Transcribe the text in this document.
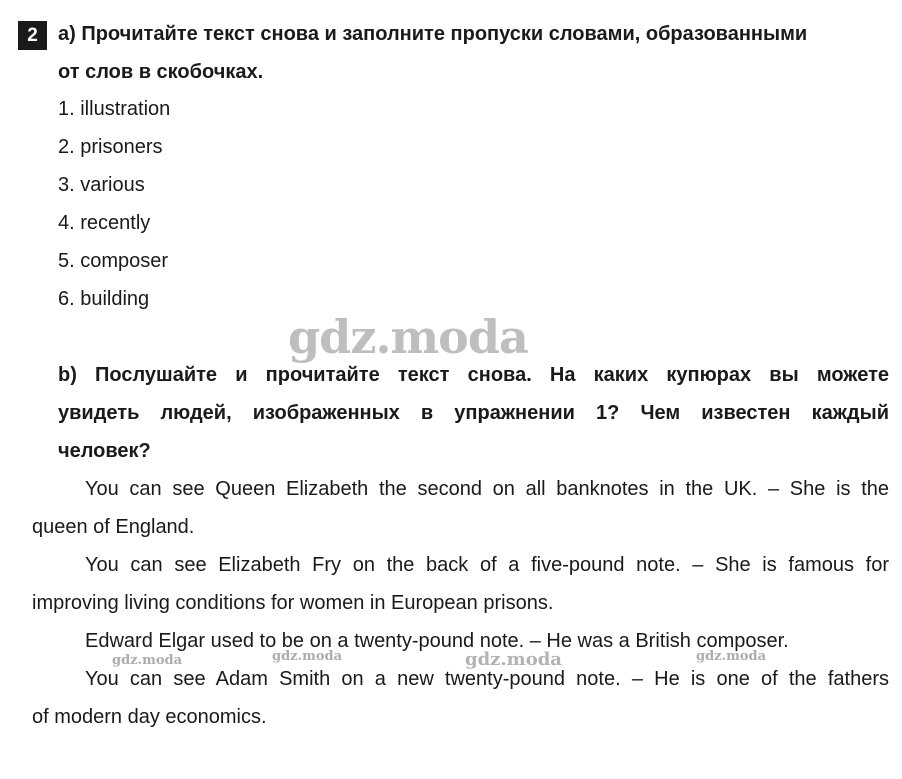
2 a) Прочитайте текст снова и заполните пропуски словами, образованными
от слов в скобочках.
1. illustration
2. prisoners
3. various
4. recently
5. composer
6. building
gdz.moda
b) Послушайте и прочитайте текст снова. На каких купюрах вы можете
увидеть людей, изображенных в упражнении 1? Чем известен каждый
человек?
You can see Queen Elizabeth the second on all banknotes in the UK. – She is the
queen of England.
You can see Elizabeth Fry on the back of a five-pound note. – She is famous for
improving living conditions for women in European prisons.
Edward Elgar used to be on a twenty-pound note. – He was a British composer.
gdz.moda	gdz.moda	gdz.moda	gdz.moda
You can see Adam Smith on a new twenty-pound note. – He is one of the fathers
of modern day economics.
